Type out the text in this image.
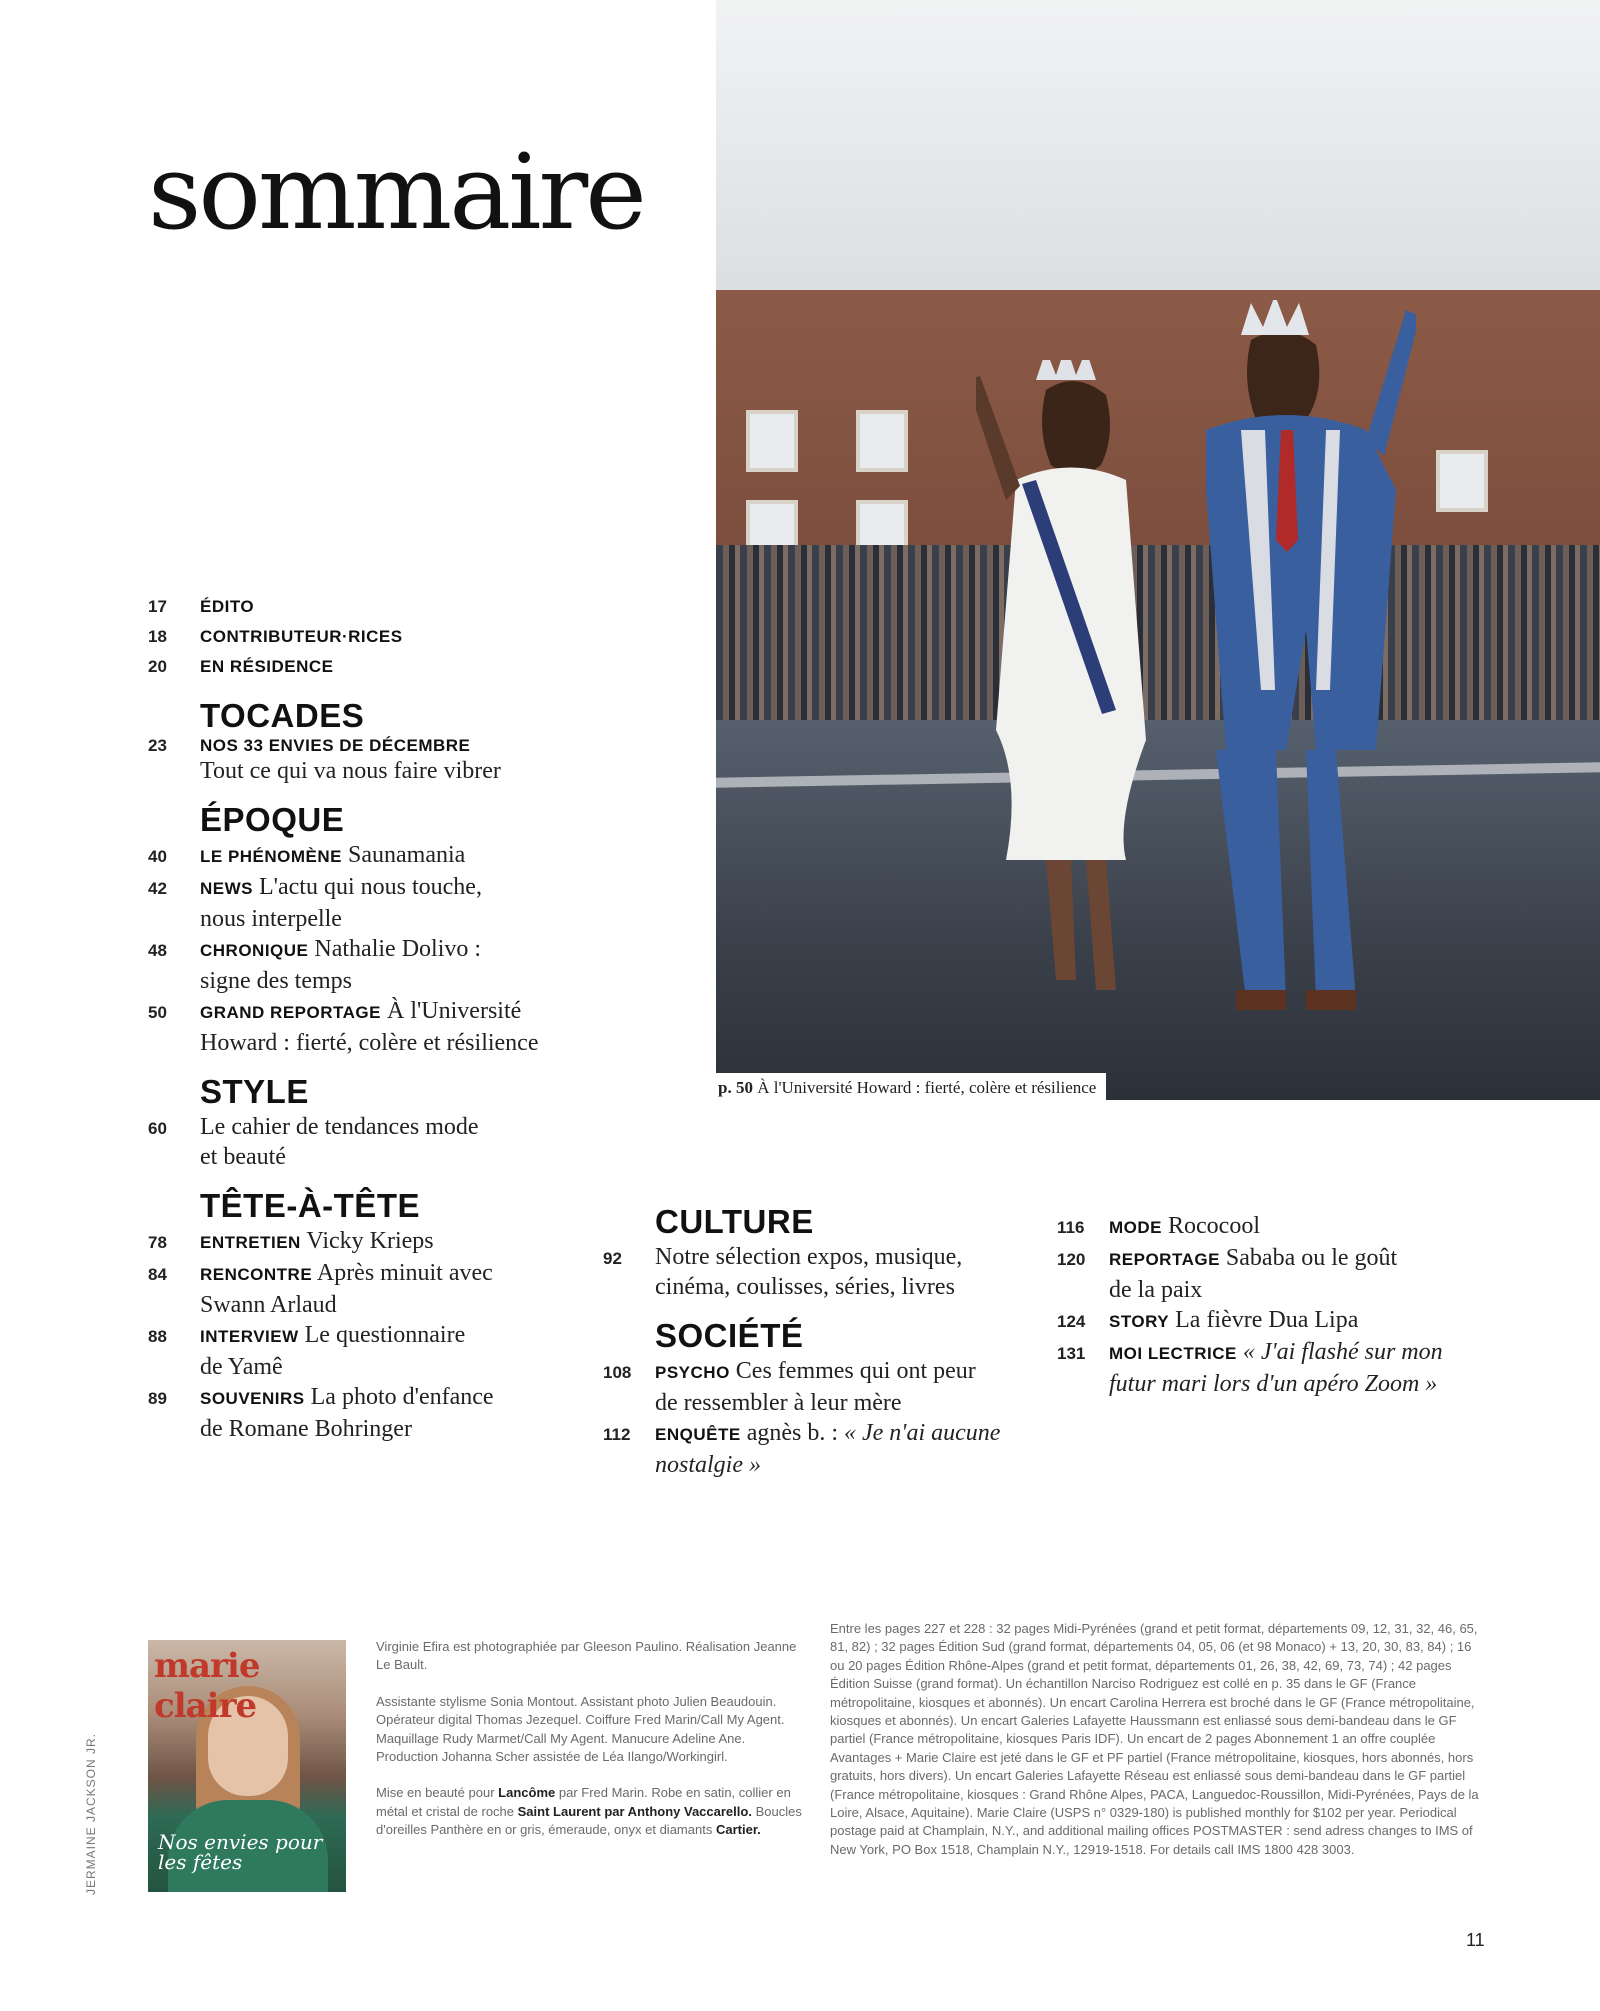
sommaire
p. 50 À l'Université Howard : fierté, colère et résilience
17	ÉDITO
18	CONTRIBUTEUR·RICES
20	EN RÉSIDENCE
TOCADES
23	NOS 33 ENVIES DE DÉCEMBRE
Tout ce qui va nous faire vibrer
ÉPOQUE
40	LE PHÉNOMÈNE Saunamania
42	NEWS L'actu qui nous touche,
nous interpelle
48	CHRONIQUE Nathalie Dolivo :
signe des temps
50	GRAND REPORTAGE À l'Université
Howard : fierté, colère et résilience
STYLE
60	Le cahier de tendances mode
et beauté
TÊTE-À-TÊTE
78	ENTRETIEN Vicky Krieps
84	RENCONTRE Après minuit avec
Swann Arlaud
88	INTERVIEW Le questionnaire
de Yamê
89	SOUVENIRS La photo d'enfance
de Romane Bohringer
CULTURE
92	Notre sélection expos, musique,
cinéma, coulisses, séries, livres
SOCIÉTÉ
108	PSYCHO Ces femmes qui ont peur
de ressembler à leur mère
112	ENQUÊTE agnès b. : « Je n'ai aucune
nostalgie »
116	MODE Rococool
120	REPORTAGE Sababa ou le goût
de la paix
124	STORY La fièvre Dua Lipa
131	MOI LECTRICE « J'ai flashé sur mon
futur mari lors d'un apéro Zoom »
marie claire
Nos envies pour les fêtes
JERMAINE JACKSON JR.

Virginie Efira est photographiée par Gleeson Paulino. Réalisation Jeanne Le Bault.

Assistante stylisme Sonia Montout. Assistant photo Julien Beaudouin. Opérateur digital Thomas Jezequel. Coiffure Fred Marin/Call My Agent. Maquillage Rudy Marmet/Call My Agent. Manucure Adeline Ane. Production Johanna Scher assistée de Léa Ilango/Workingirl.

Mise en beauté pour Lancôme par Fred Marin. Robe en satin, collier en métal et cristal de roche Saint Laurent par Anthony Vaccarello. Boucles d'oreilles Panthère en or gris, émeraude, onyx et diamants Cartier.

Entre les pages 227 et 228 : 32 pages Midi-Pyrénées (grand et petit format, départements 09, 12, 31, 32, 46, 65, 81, 82) ; 32 pages Édition Sud (grand format, départements 04, 05, 06 (et 98 Monaco) + 13, 20, 30, 83, 84) ; 16 ou 20 pages Édition Rhône-Alpes (grand et petit format, départements 01, 26, 38, 42, 69, 73, 74) ; 42 pages Édition Suisse (grand format). Un échantillon Narciso Rodriguez est collé en p. 35 dans le GF (France métropolitaine, kiosques et abonnés). Un encart Carolina Herrera est broché dans le GF (France métropolitaine, kiosques et abonnés). Un encart Galeries Lafayette Haussmann est enliassé sous demi-bandeau dans le GF partiel (France métropolitaine, kiosques Paris IDF). Un encart de 2 pages Abonnement 1 an offre couplée Avantages + Marie Claire est jeté dans le GF et PF partiel (France métropolitaine, kiosques, hors abonnés, hors gratuits, hors divers). Un encart Galeries Lafayette Réseau est enliassé sous demi-bandeau dans le GF partiel (France métropolitaine, kiosques : Grand Rhône Alpes, PACA, Languedoc-Roussillon, Midi-Pyrénées, Pays de la Loire, Alsace, Aquitaine). Marie Claire (USPS n° 0329-180) is published monthly for $102 per year. Periodical postage paid at Champlain, N.Y., and additional mailing offices POSTMASTER : send adress changes to IMS of New York, PO Box 1518, Champlain N.Y., 12919-1518. For details call IMS 1800 428 3003.

11
